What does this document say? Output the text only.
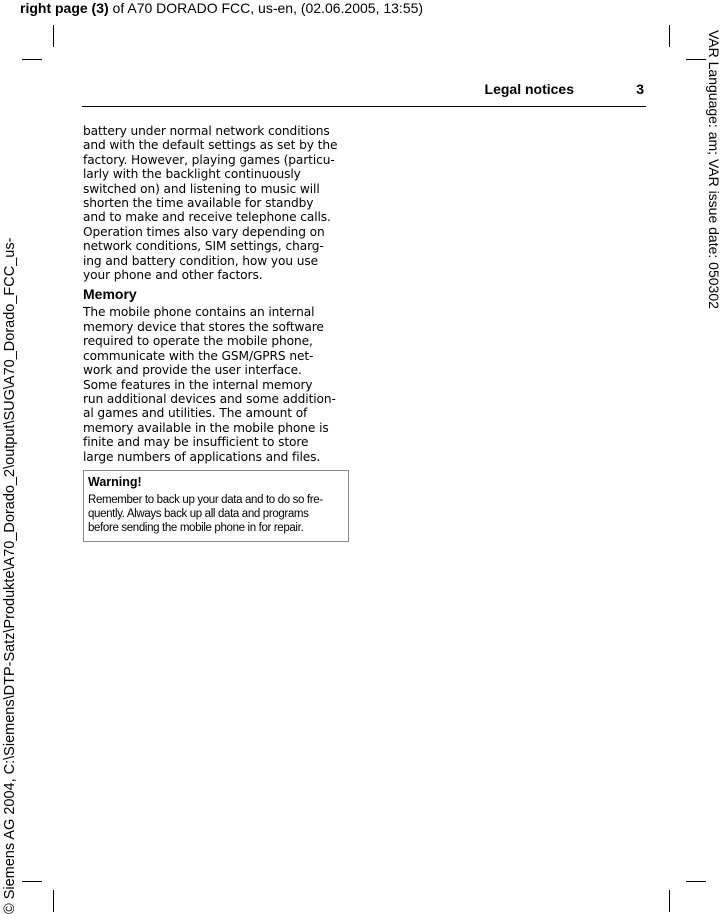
right page (3) of A70 DORADO FCC, us-en, (02.06.2005, 13:55)
© Siemens AG 2004, C:\Siemens\DTP-Satz\Produkte\A70_Dorado_2\output\SUG\A70_Dorado_FCC_us-
VAR Language: am; VAR issue date: 050302
Legal notices	3

battery under normal network conditions
and with the default settings as set by the
factory. However, playing games (particu-
larly with the backlight continuously
switched on) and listening to music will
shorten the time available for standby
and to make and receive telephone calls.
Operation times also vary depending on
network conditions, SIM settings, charg-
ing and battery condition, how you use
your phone and other factors.

Memory

The mobile phone contains an internal
memory device that stores the software
required to operate the mobile phone,
communicate with the GSM/GPRS net-
work and provide the user interface.
Some features in the internal memory
run additional devices and some addition-
al games and utilities. The amount of
memory available in the mobile phone is
finite and may be insufficient to store
large numbers of applications and files.

Warning!
Remember to back up your data and to do so fre-
quently. Always back up all data and programs
before sending the mobile phone in for repair.
